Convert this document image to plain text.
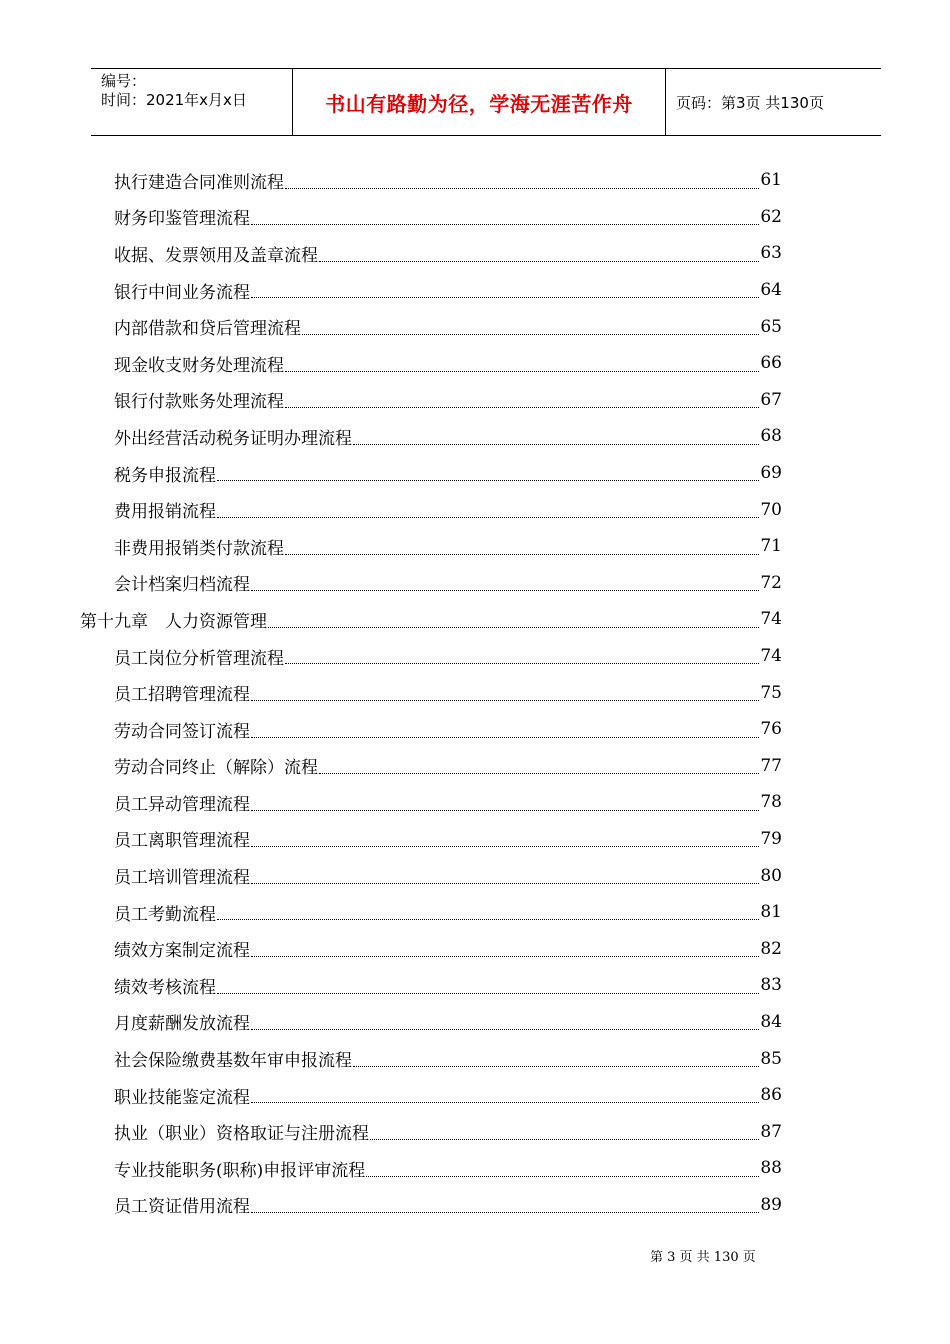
编号：
时间：2021年x月x日	书山有路勤为径，学海无涯苦作舟	页码：第3页 共130页
执行建造合同准则流程	61
财务印鉴管理流程	62
收据、发票领用及盖章流程	63
银行中间业务流程	64
内部借款和贷后管理流程	65
现金收支财务处理流程	66
银行付款账务处理流程	67
外出经营活动税务证明办理流程	68
税务申报流程	69
费用报销流程	70
非费用报销类付款流程	71
会计档案归档流程	72
第十九章　人力资源管理	74
员工岗位分析管理流程	74
员工招聘管理流程	75
劳动合同签订流程	76
劳动合同终止（解除）流程	77
员工异动管理流程	78
员工离职管理流程	79
员工培训管理流程	80
员工考勤流程	81
绩效方案制定流程	82
绩效考核流程	83
月度薪酬发放流程	84
社会保险缴费基数年审申报流程	85
职业技能鉴定流程	86
执业（职业）资格取证与注册流程	87
专业技能职务(职称)申报评审流程	88
员工资证借用流程	89
第 3 页 共 130 页
